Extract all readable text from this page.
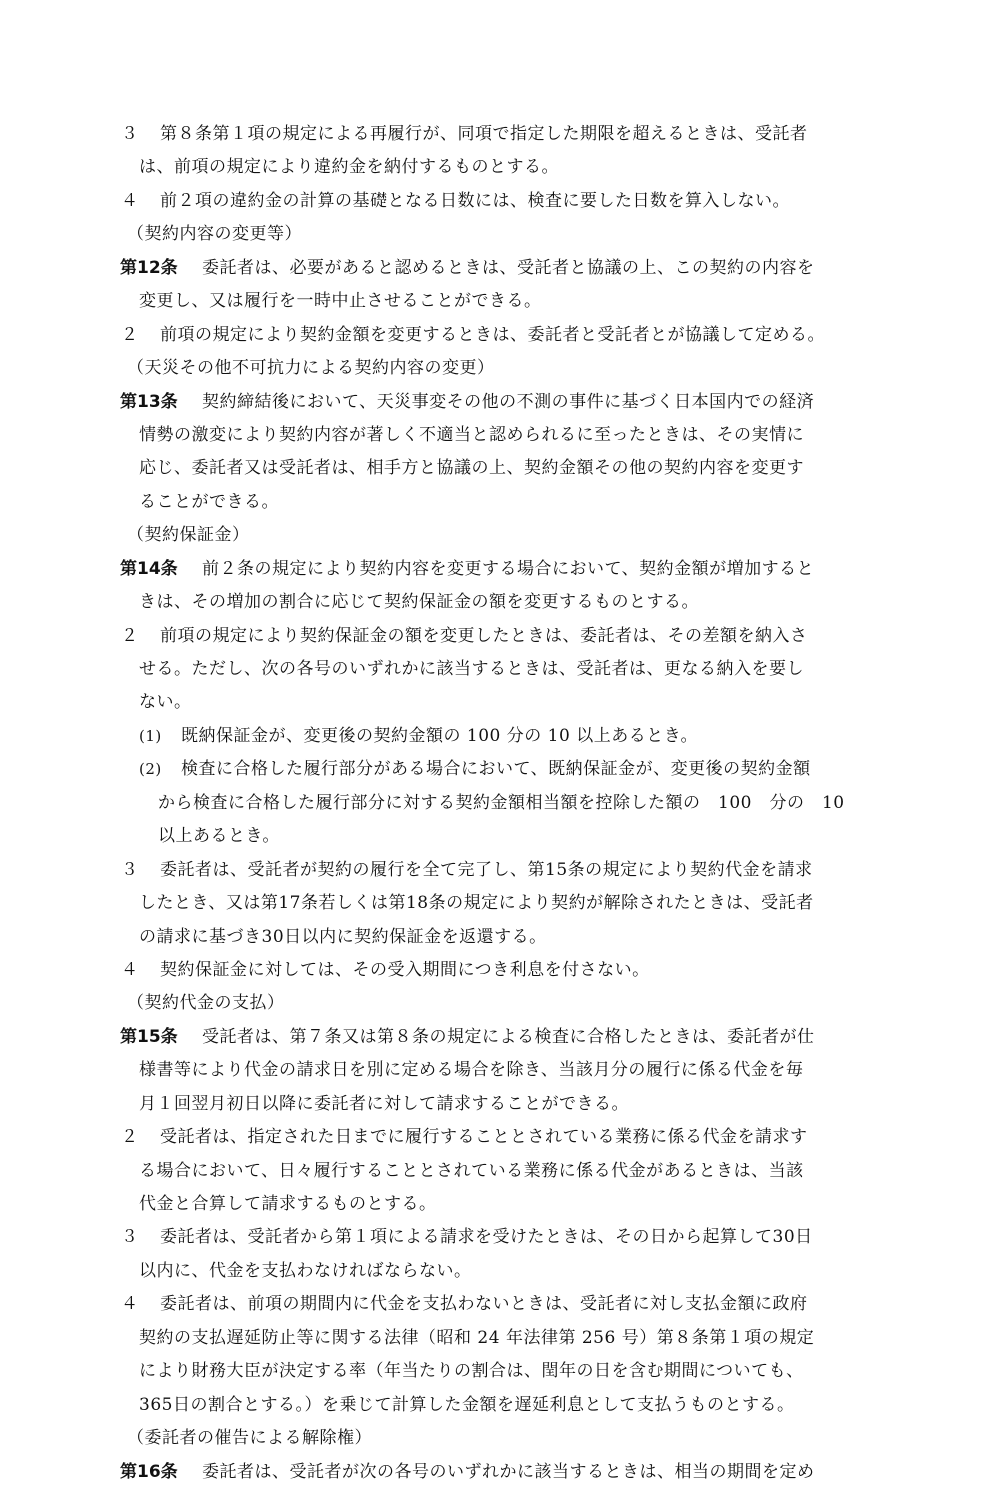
３ 第８条第１項の規定による再履行が、同項で指定した期限を超えるときは、受託者
は、前項の規定により違約金を納付するものとする。
４ 前２項の違約金の計算の基礎となる日数には、検査に要した日数を算入しない。
（契約内容の変更等）
第12条 委託者は、必要があると認めるときは、受託者と協議の上、この契約の内容を
変更し、又は履行を一時中止させることができる。
２ 前項の規定により契約金額を変更するときは、委託者と受託者とが協議して定める。
（天災その他不可抗力による契約内容の変更）
第13条 契約締結後において、天災事変その他の不測の事件に基づく日本国内での経済
情勢の激変により契約内容が著しく不適当と認められるに至ったときは、その実情に
応じ、委託者又は受託者は、相手方と協議の上、契約金額その他の契約内容を変更す
ることができる。
（契約保証金）
第14条 前２条の規定により契約内容を変更する場合において、契約金額が増加すると
きは、その増加の割合に応じて契約保証金の額を変更するものとする。
２ 前項の規定により契約保証金の額を変更したときは、委託者は、その差額を納入さ
せる。ただし、次の各号のいずれかに該当するときは、受託者は、更なる納入を要し
ない。
(1) 既納保証金が、変更後の契約金額の 100 分の 10 以上あるとき。
(2) 検査に合格した履行部分がある場合において、既納保証金が、変更後の契約金額
から検査に合格した履行部分に対する契約金額相当額を控除した額の　100　分の　10
以上あるとき。
３ 委託者は、受託者が契約の履行を全て完了し、第15条の規定により契約代金を請求
したとき、又は第17条若しくは第18条の規定により契約が解除されたときは、受託者
の請求に基づき30日以内に契約保証金を返還する。
４ 契約保証金に対しては、その受入期間につき利息を付さない。
（契約代金の支払）
第15条 受託者は、第７条又は第８条の規定による検査に合格したときは、委託者が仕
様書等により代金の請求日を別に定める場合を除き、当該月分の履行に係る代金を毎
月１回翌月初日以降に委託者に対して請求することができる。
２ 受託者は、指定された日までに履行することとされている業務に係る代金を請求す
る場合において、日々履行することとされている業務に係る代金があるときは、当該
代金と合算して請求するものとする。
３ 委託者は、受託者から第１項による請求を受けたときは、その日から起算して30日
以内に、代金を支払わなければならない。
４ 委託者は、前項の期間内に代金を支払わないときは、受託者に対し支払金額に政府
契約の支払遅延防止等に関する法律（昭和 24 年法律第 256 号）第８条第１項の規定
により財務大臣が決定する率（年当たりの割合は、閏年の日を含む期間についても、
365日の割合とする。）を乗じて計算した金額を遅延利息として支払うものとする。
（委託者の催告による解除権）
第16条 委託者は、受託者が次の各号のいずれかに該当するときは、相当の期間を定め
